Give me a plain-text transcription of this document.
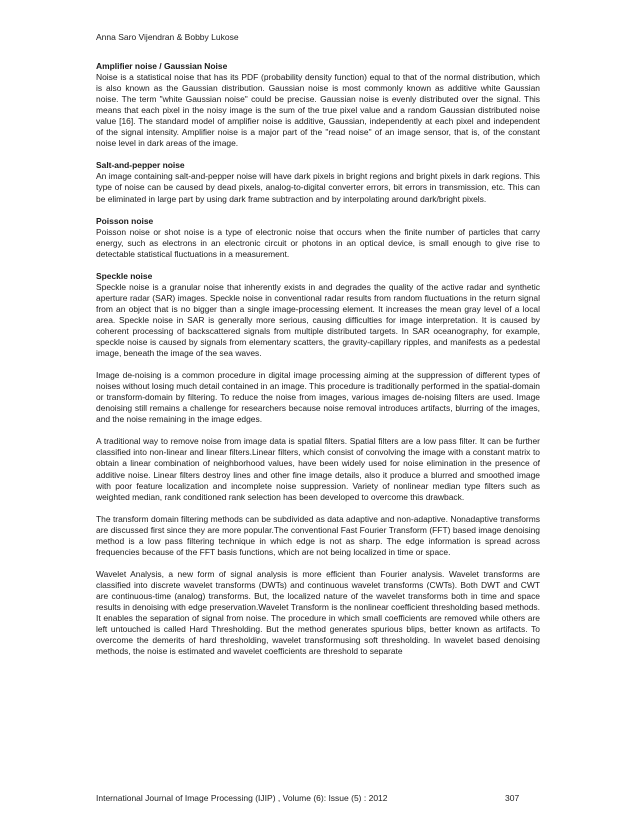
Anna Saro Vijendran & Bobby Lukose

Amplifier noise / Gaussian Noise

Noise is a statistical noise that has its PDF (probability density function) equal to that of the normal distribution, which is also known as the Gaussian distribution. Gaussian noise is most commonly known as additive white Gaussian noise. The term "white Gaussian noise" could be precise. Gaussian noise is evenly distributed over the signal. This means that each pixel in the noisy image is the sum of the true pixel value and a random Gaussian distributed noise value [16]. The standard model of amplifier noise is additive, Gaussian, independently at each pixel and independent of the signal intensity. Amplifier noise is a major part of the "read noise" of an image sensor, that is, of the constant noise level in dark areas of the image.

Salt-and-pepper noise

An image containing salt-and-pepper noise will have dark pixels in bright regions and bright pixels in dark regions. This type of noise can be caused by dead pixels, analog-to-digital converter errors, bit errors in transmission, etc. This can be eliminated in large part by using dark frame subtraction and by interpolating around dark/bright pixels.

Poisson noise

Poisson noise or shot noise is a type of electronic noise that occurs when the finite number of particles that carry energy, such as electrons in an electronic circuit or photons in an optical device, is small enough to give rise to detectable statistical fluctuations in a measurement.

Speckle noise

Speckle noise is a granular noise that inherently exists in and degrades the quality of the active radar and synthetic aperture radar (SAR) images. Speckle noise in conventional radar results from random fluctuations in the return signal from an object that is no bigger than a single image-processing element. It increases the mean gray level of a local area. Speckle noise in SAR is generally more serious, causing difficulties for image interpretation. It is caused by coherent processing of backscattered signals from multiple distributed targets. In SAR oceanography, for example, speckle noise is caused by signals from elementary scatters, the gravity-capillary ripples, and manifests as a pedestal image, beneath the image of the sea waves.

Image de-noising is a common procedure in digital image processing aiming at the suppression of different types of noises without losing much detail contained in an image. This procedure is traditionally performed in the spatial-domain or transform-domain by filtering. To reduce the noise from images, various images de-noising filters are used. Image denoising still remains a challenge for researchers because noise removal introduces artifacts, blurring of the images, and the noise remaining in the image edges.

A traditional way to remove noise from image data is spatial filters. Spatial filters are a low pass filter. It can be further classified into non-linear and linear filters.Linear filters, which consist of convolving the image with a constant matrix to obtain a linear combination of neighborhood values, have been widely used for noise elimination in the presence of additive noise. Linear filters destroy lines and other fine image details, also it produce a blurred and smoothed image with poor feature localization and incomplete noise suppression. Variety of nonlinear median type filters such as weighted median, rank conditioned rank selection has been developed to overcome this drawback.

The transform domain filtering methods can be subdivided as data adaptive and non-adaptive. Nonadaptive transforms are discussed first since they are more popular.The conventional Fast Fourier Transform (FFT) based image denoising method is a low pass filtering technique in which edge is not as sharp. The edge information is spread across frequencies because of the FFT basis functions, which are not being localized in time or space.

Wavelet Analysis, a new form of signal analysis is more efficient than Fourier analysis. Wavelet transforms are classified into discrete wavelet transforms (DWTs) and continuous wavelet transforms (CWTs). Both DWT and CWT are continuous-time (analog) transforms. But, the localized nature of the wavelet transforms both in time and space results in denoising with edge preservation.Wavelet Transform is the nonlinear coefficient thresholding based methods. It enables the separation of signal from noise. The procedure in which small coefficients are removed while others are left untouched is called Hard Thresholding. But the method generates spurious blips, better known as artifacts. To overcome the demerits of hard thresholding, wavelet transformusing soft thresholding. In wavelet based denoising methods, the noise is estimated and wavelet coefficients are threshold to separate

International Journal of Image Processing (IJIP) , Volume (6): Issue (5) : 2012	307
